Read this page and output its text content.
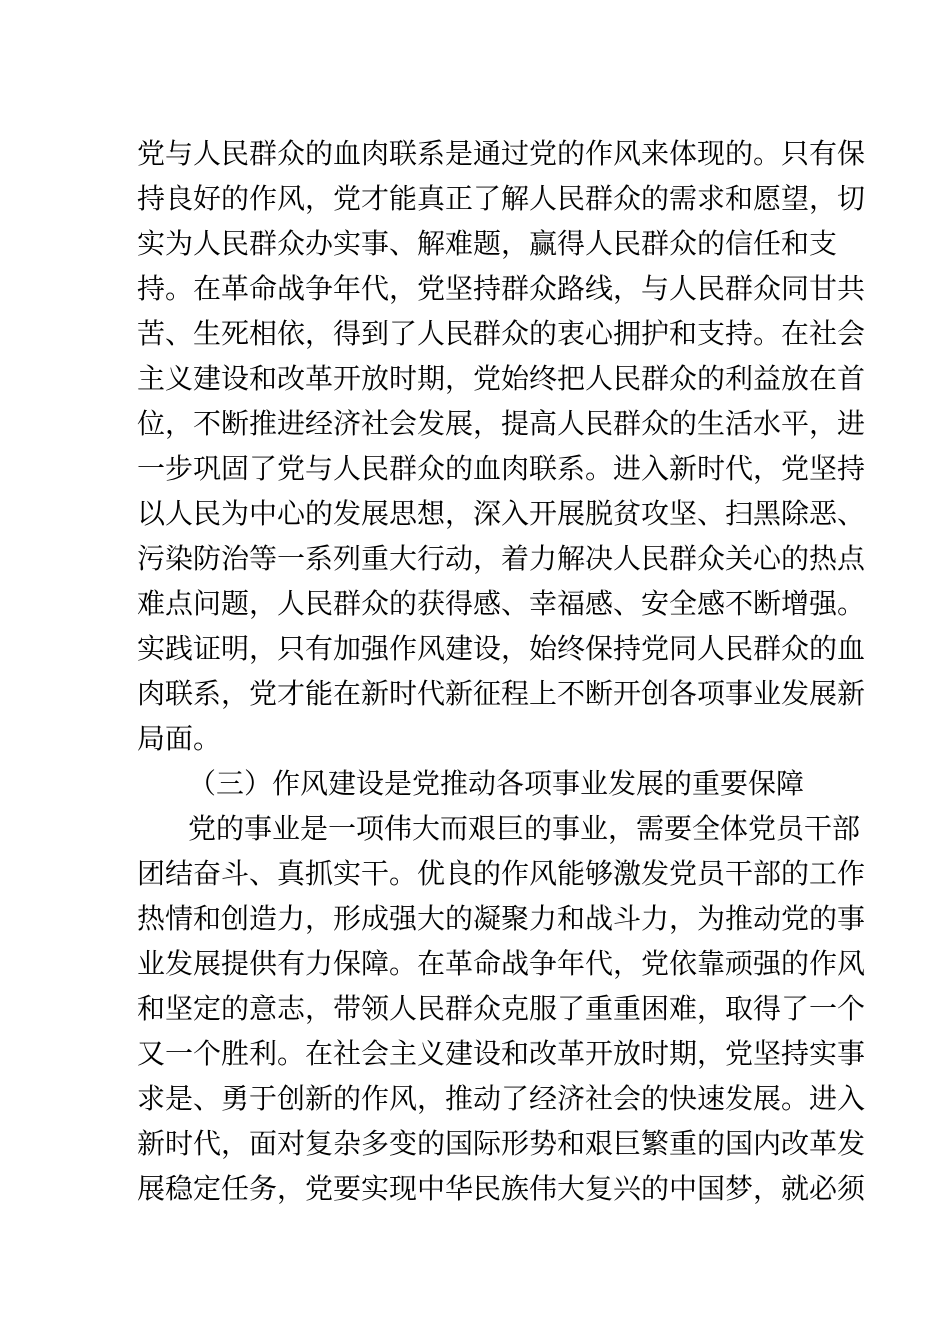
党与人民群众的血肉联系是通过党的作风来体现的。只有保
持良好的作风，党才能真正了解人民群众的需求和愿望，切
实为人民群众办实事、解难题，赢得人民群众的信任和支
持。在革命战争年代，党坚持群众路线，与人民群众同甘共
苦、生死相依，得到了人民群众的衷心拥护和支持。在社会
主义建设和改革开放时期，党始终把人民群众的利益放在首
位，不断推进经济社会发展，提高人民群众的生活水平，进
一步巩固了党与人民群众的血肉联系。进入新时代，党坚持
以人民为中心的发展思想，深入开展脱贫攻坚、扫黑除恶、
污染防治等一系列重大行动，着力解决人民群众关心的热点
难点问题，人民群众的获得感、幸福感、安全感不断增强。
实践证明，只有加强作风建设，始终保持党同人民群众的血
肉联系，党才能在新时代新征程上不断开创各项事业发展新
局面。
（三）作风建设是党推动各项事业发展的重要保障
党的事业是一项伟大而艰巨的事业，需要全体党员干部
团结奋斗、真抓实干。优良的作风能够激发党员干部的工作
热情和创造力，形成强大的凝聚力和战斗力，为推动党的事
业发展提供有力保障。在革命战争年代，党依靠顽强的作风
和坚定的意志，带领人民群众克服了重重困难，取得了一个
又一个胜利。在社会主义建设和改革开放时期，党坚持实事
求是、勇于创新的作风，推动了经济社会的快速发展。进入
新时代，面对复杂多变的国际形势和艰巨繁重的国内改革发
展稳定任务，党要实现中华民族伟大复兴的中国梦，就必须
